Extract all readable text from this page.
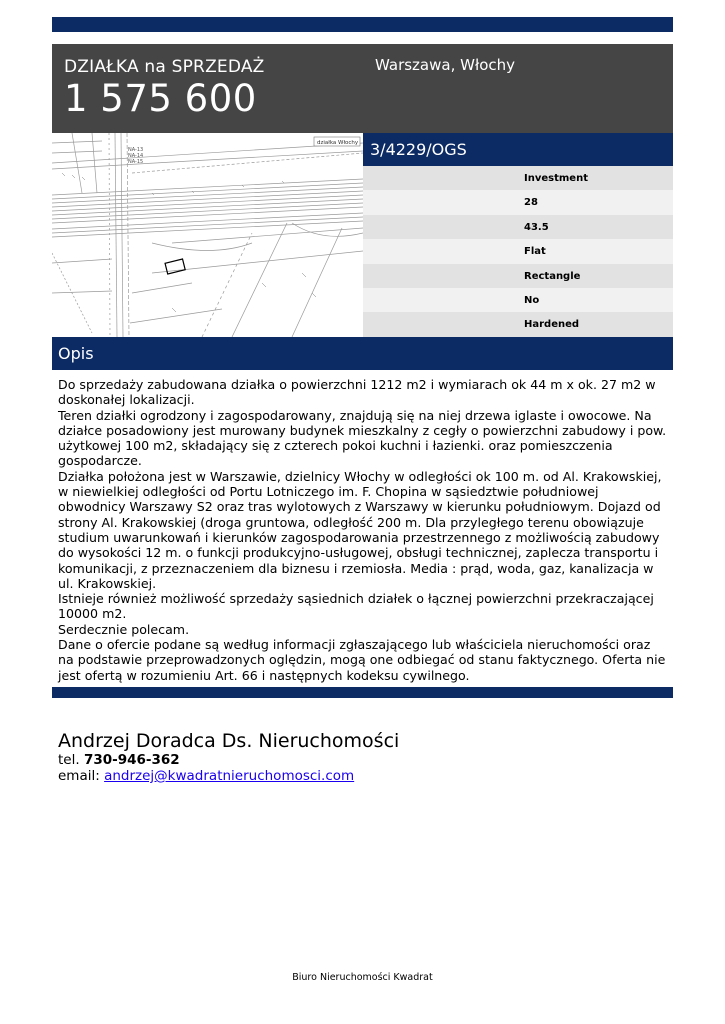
DZIAŁKA na SPRZEDAŻ
1 575 600
Warszawa, Włochy
NA-13
NA-14
NA-15
działka Włochy 3/4229/OGS
Investment
28
43.5
Flat
Rectangle
No
Hardened
Opis

Do sprzedaży zabudowana działka o powierzchni 1212 m2 i wymiarach ok 44 m x ok. 27 m2 w doskonałej lokalizacji.

Teren działki ogrodzony i zagospodarowany, znajdują się na niej drzewa iglaste i owocowe. Na działce posadowiony jest murowany budynek mieszkalny z cegły o powierzchni zabudowy i pow. użytkowej 100 m2, składający się z czterech pokoi kuchni i łazienki. oraz pomieszczenia gospodarcze.

Działka położona jest w Warszawie, dzielnicy Włochy w odległości ok 100 m. od Al. Krakowskiej, w niewielkiej odległości od Portu Lotniczego im. F. Chopina w sąsiedztwie południowej obwodnicy Warszawy S2 oraz tras wylotowych z Warszawy w kierunku południowym. Dojazd od strony Al. Krakowskiej (droga gruntowa, odległość 200 m. Dla przyległego terenu obowiązuje studium uwarunkowań i kierunków zagospodarowania przestrzennego z możliwością zabudowy do wysokości 12 m. o funkcji produkcyjno-usługowej, obsługi technicznej, zaplecza transportu i komunikacji, z przeznaczeniem dla biznesu i rzemiosła. Media : prąd, woda, gaz, kanalizacja w ul. Krakowskiej.

Istnieje również możliwość sprzedaży sąsiednich działek o łącznej powierzchni przekraczającej 10000 m2.

Serdecznie polecam.

Dane o ofercie podane są według informacji zgłaszającego lub właściciela nieruchomości oraz na podstawie przeprowadzonych oględzin, mogą one odbiegać od stanu faktycznego. Oferta nie jest ofertą w rozumieniu Art. 66 i następnych kodeksu cywilnego.

Andrzej Doradca Ds. Nieruchomości
tel. 730-946-362
email: andrzej@kwadratnieruchomosci.com
Biuro Nieruchomości Kwadrat
